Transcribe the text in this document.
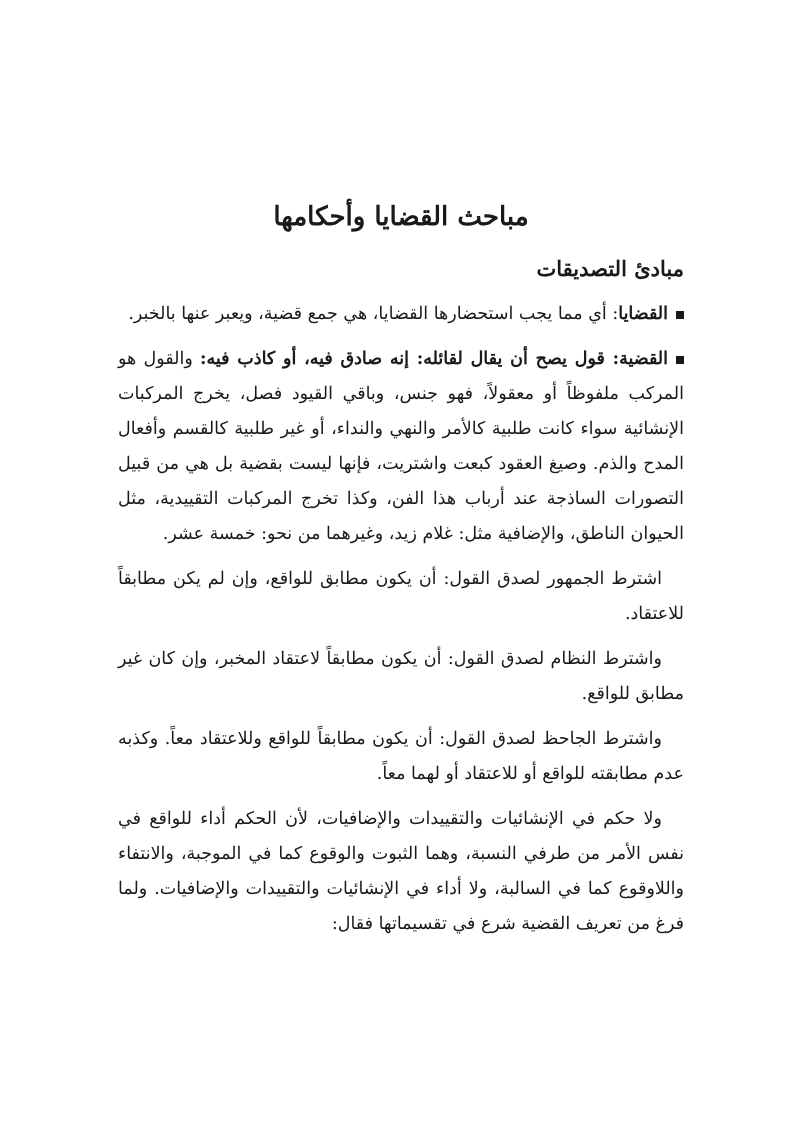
مباحث القضايا وأحكامها
مبادئ التصديقات

القضايا: أي مما يجب استحضارها القضايا، هي جمع قضية، ويعبر عنها بالخبر.

القضية: قول يصح أن يقال لقائله: إنه صادق فيه، أو كاذب فيه: والقول هو المركب ملفوظاً أو معقولاً، فهو جنس، وباقي القيود فصل، يخرج المركبات الإنشائية سواء كانت طلبية كالأمر والنهي والنداء، أو غير طلبية كالقسم وأفعال المدح والذم. وصيغ العقود كبعت واشتريت، فإنها ليست بقضية بل هي من قبيل التصورات الساذجة عند أرباب هذا الفن، وكذا تخرج المركبات التقييدية، مثل الحيوان الناطق، والإضافية مثل: غلام زيد، وغيرهما من نحو: خمسة عشر.

اشترط الجمهور لصدق القول: أن يكون مطابق للواقع، وإن لم يكن مطابقاً للاعتقاد.

واشترط النظام لصدق القول: أن يكون مطابقاً لاعتقاد المخبر، وإن كان غير مطابق للواقع.

واشترط الجاحظ لصدق القول: أن يكون مطابقاً للواقع وللاعتقاد معاً. وكذبه عدم مطابقته للواقع أو للاعتقاد أو لهما معاً.

ولا حكم في الإنشائيات والتقييدات والإضافيات، لأن الحكم أداء للواقع في نفس الأمر من طرفي النسبة، وهما الثبوت والوقوع كما في الموجبة، والانتفاء واللاوقوع كما في السالبة، ولا أداء في الإنشائيات والتقييدات والإضافيات. ولما فرغ من تعريف القضية شرع في تقسيماتها فقال:
